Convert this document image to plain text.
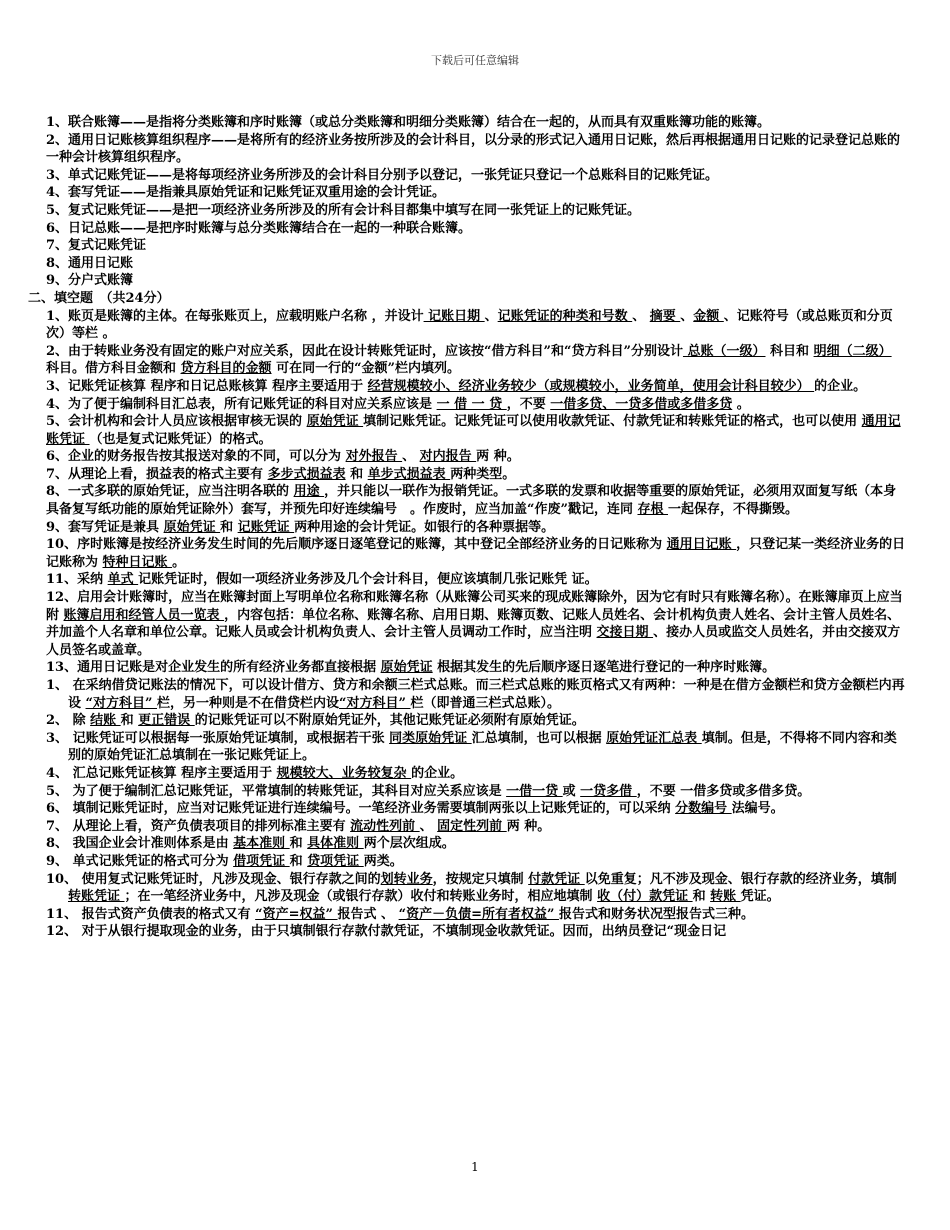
下载后可任意编辑
1、联合账簿——是指将分类账簿和序时账簿（或总分类账簿和明细分类账簿）结合在一起的，从而具有双重账簿功能的账簿。
2、通用日记账核算组织程序——是将所有的经济业务按所涉及的会计科目，以分录的形式记入通用日记账，然后再根据通用日记账的记录登记总账的一种会计核算组织程序。
3、单式记账凭证——是将每项经济业务所涉及的会计科目分别予以登记，一张凭证只登记一个总账科目的记账凭证。
4、套写凭证——是指兼具原始凭证和记账凭证双重用途的会计凭证。
5、复式记账凭证——是把一项经济业务所涉及的所有会计科目都集中填写在同一张凭证上的记账凭证。
6、日记总账——是把序时账簿与总分类账簿结合在一起的一种联合账簿。
7、复式记账凭证
8、通用日记账
9、分户式账簿
二、填空题　（共24分）
1、账页是账簿的主体。在每张账页上，应载明账户名称 ，并设计 记账日期 、记账凭证的种类和号数 、 摘要 、金额 、记账符号（或总账页和分页次）等栏 。
2、由于转账业务没有固定的账户对应关系，因此在设计转账凭证时，应该按“借方科目”和“贷方科目”分别设计 总账（一级） 科目和 明细（二级） 科目。借方科目金额和 贷方科目的金额 可在同一行的“金额”栏内填列。
3、记账凭证核算 程序和日记总账核算 程序主要适用于 经营规模较小、经济业务较少（或规模较小，业务简单，使用会计科目较少） 的企业。
4、为了便于编制科目汇总表，所有记账凭证的科目对应关系应该是 一 借 一 贷 ，不要 一借多贷、一贷多借或多借多贷 。
5、会计机构和会计人员应该根据审核无误的 原始凭证 填制记账凭证。记账凭证可以使用收款凭证、付款凭证和转账凭证的格式，也可以使用 通用记账凭证 （也是复式记账凭证）的格式。
6、企业的财务报告按其报送对象的不同，可以分为 对外报告 、 对内报告 两 种。
7、从理论上看，损益表的格式主要有 多步式损益表 和 单步式损益表 两种类型。
8、一式多联的原始凭证，应当注明各联的 用途 ，并只能以一联作为报销凭证。一式多联的发票和收据等重要的原始凭证，必须用双面复写纸（本身具备复写纸功能的原始凭证除外）套写，并预先印好连续编号　。作废时，应当加盖“作废”戳记，连同 存根 一起保存，不得撕毁。
9、套写凭证是兼具 原始凭证 和 记账凭证 两种用途的会计凭证。如银行的各种票据等。
10、序时账簿是按经济业务发生时间的先后顺序逐日逐笔登记的账簿，其中登记全部经济业务的日记账称为 通用日记账 ，只登记某一类经济业务的日记账称为 特种日记账 。
11、采纳 单式 记账凭证时，假如一项经济业务涉及几个会计科目，便应该填制几张记账凭 证。
12、启用会计账簿时，应当在账簿封面上写明单位名称和账簿名称（从账簿公司买来的现成账簿除外，因为它有时只有账簿名称）。在账簿扉页上应当附 账簿启用和经管人员一览表 ，内容包括：单位名称、账簿名称、启用日期、账簿页数、记账人员姓名、会计机构负责人姓名、会计主管人员姓名、并加盖个人名章和单位公章。记账人员或会计机构负责人、会计主管人员调动工作时，应当注明 交接日期 、接办人员或监交人员姓名，并由交接双方人员签名或盖章。
13、通用日记账是对企业发生的所有经济业务都直接根据 原始凭证 根据其发生的先后顺序逐日逐笔进行登记的一种序时账簿。
1、 在采纳借贷记账法的情况下，可以设计借方、贷方和余额三栏式总账。而三栏式总账的账页格式又有两种：一种是在借方金额栏和贷方金额栏内再设 “对方科目” 栏，另一种则是不在借贷栏内设“对方科目” 栏（即普通三栏式总账）。
2、 除 结账 和 更正错误 的记账凭证可以不附原始凭证外，其他记账凭证必须附有原始凭证。
3、 记账凭证可以根据每一张原始凭证填制，或根据若干张 同类原始凭证 汇总填制，也可以根据 原始凭证汇总表 填制。但是，不得将不同内容和类别的原始凭证汇总填制在一张记账凭证上。
4、 汇总记账凭证核算 程序主要适用于 规模较大、业务较复杂 的企业。
5、 为了便于编制汇总记账凭证，平常填制的转账凭证，其科目对应关系应该是 一借一贷 或 一贷多借 ，不要 一借多贷或多借多贷。
6、 填制记账凭证时，应当对记账凭证进行连续编号。一笔经济业务需要填制两张以上记账凭证的，可以采纳 分数编号 法编号。
7、 从理论上看，资产负债表项目的排列标准主要有 流动性列前 、 固定性列前 两 种。
8、 我国企业会计准则体系是由 基本准则 和 具体准则 两个层次组成。
9、 单式记账凭证的格式可分为 借项凭证 和 贷项凭证 两类。
10、 使用复式记账凭证时，凡涉及现金、银行存款之间的划转业务，按规定只填制 付款凭证 以免重复；凡不涉及现金、银行存款的经济业务，填制 转账凭证 ；在一笔经济业务中，凡涉及现金（或银行存款）收付和转账业务时，相应地填制 收（付）款凭证 和 转账 凭证。
11、 报告式资产负债表的格式又有 “资产=权益” 报告式 、 “资产－负债=所有者权益” 报告式和财务状况型报告式三种。
12、 对于从银行提取现金的业务，由于只填制银行存款付款凭证，不填制现金收款凭证。因而，出纳员登记“现金日记
1
